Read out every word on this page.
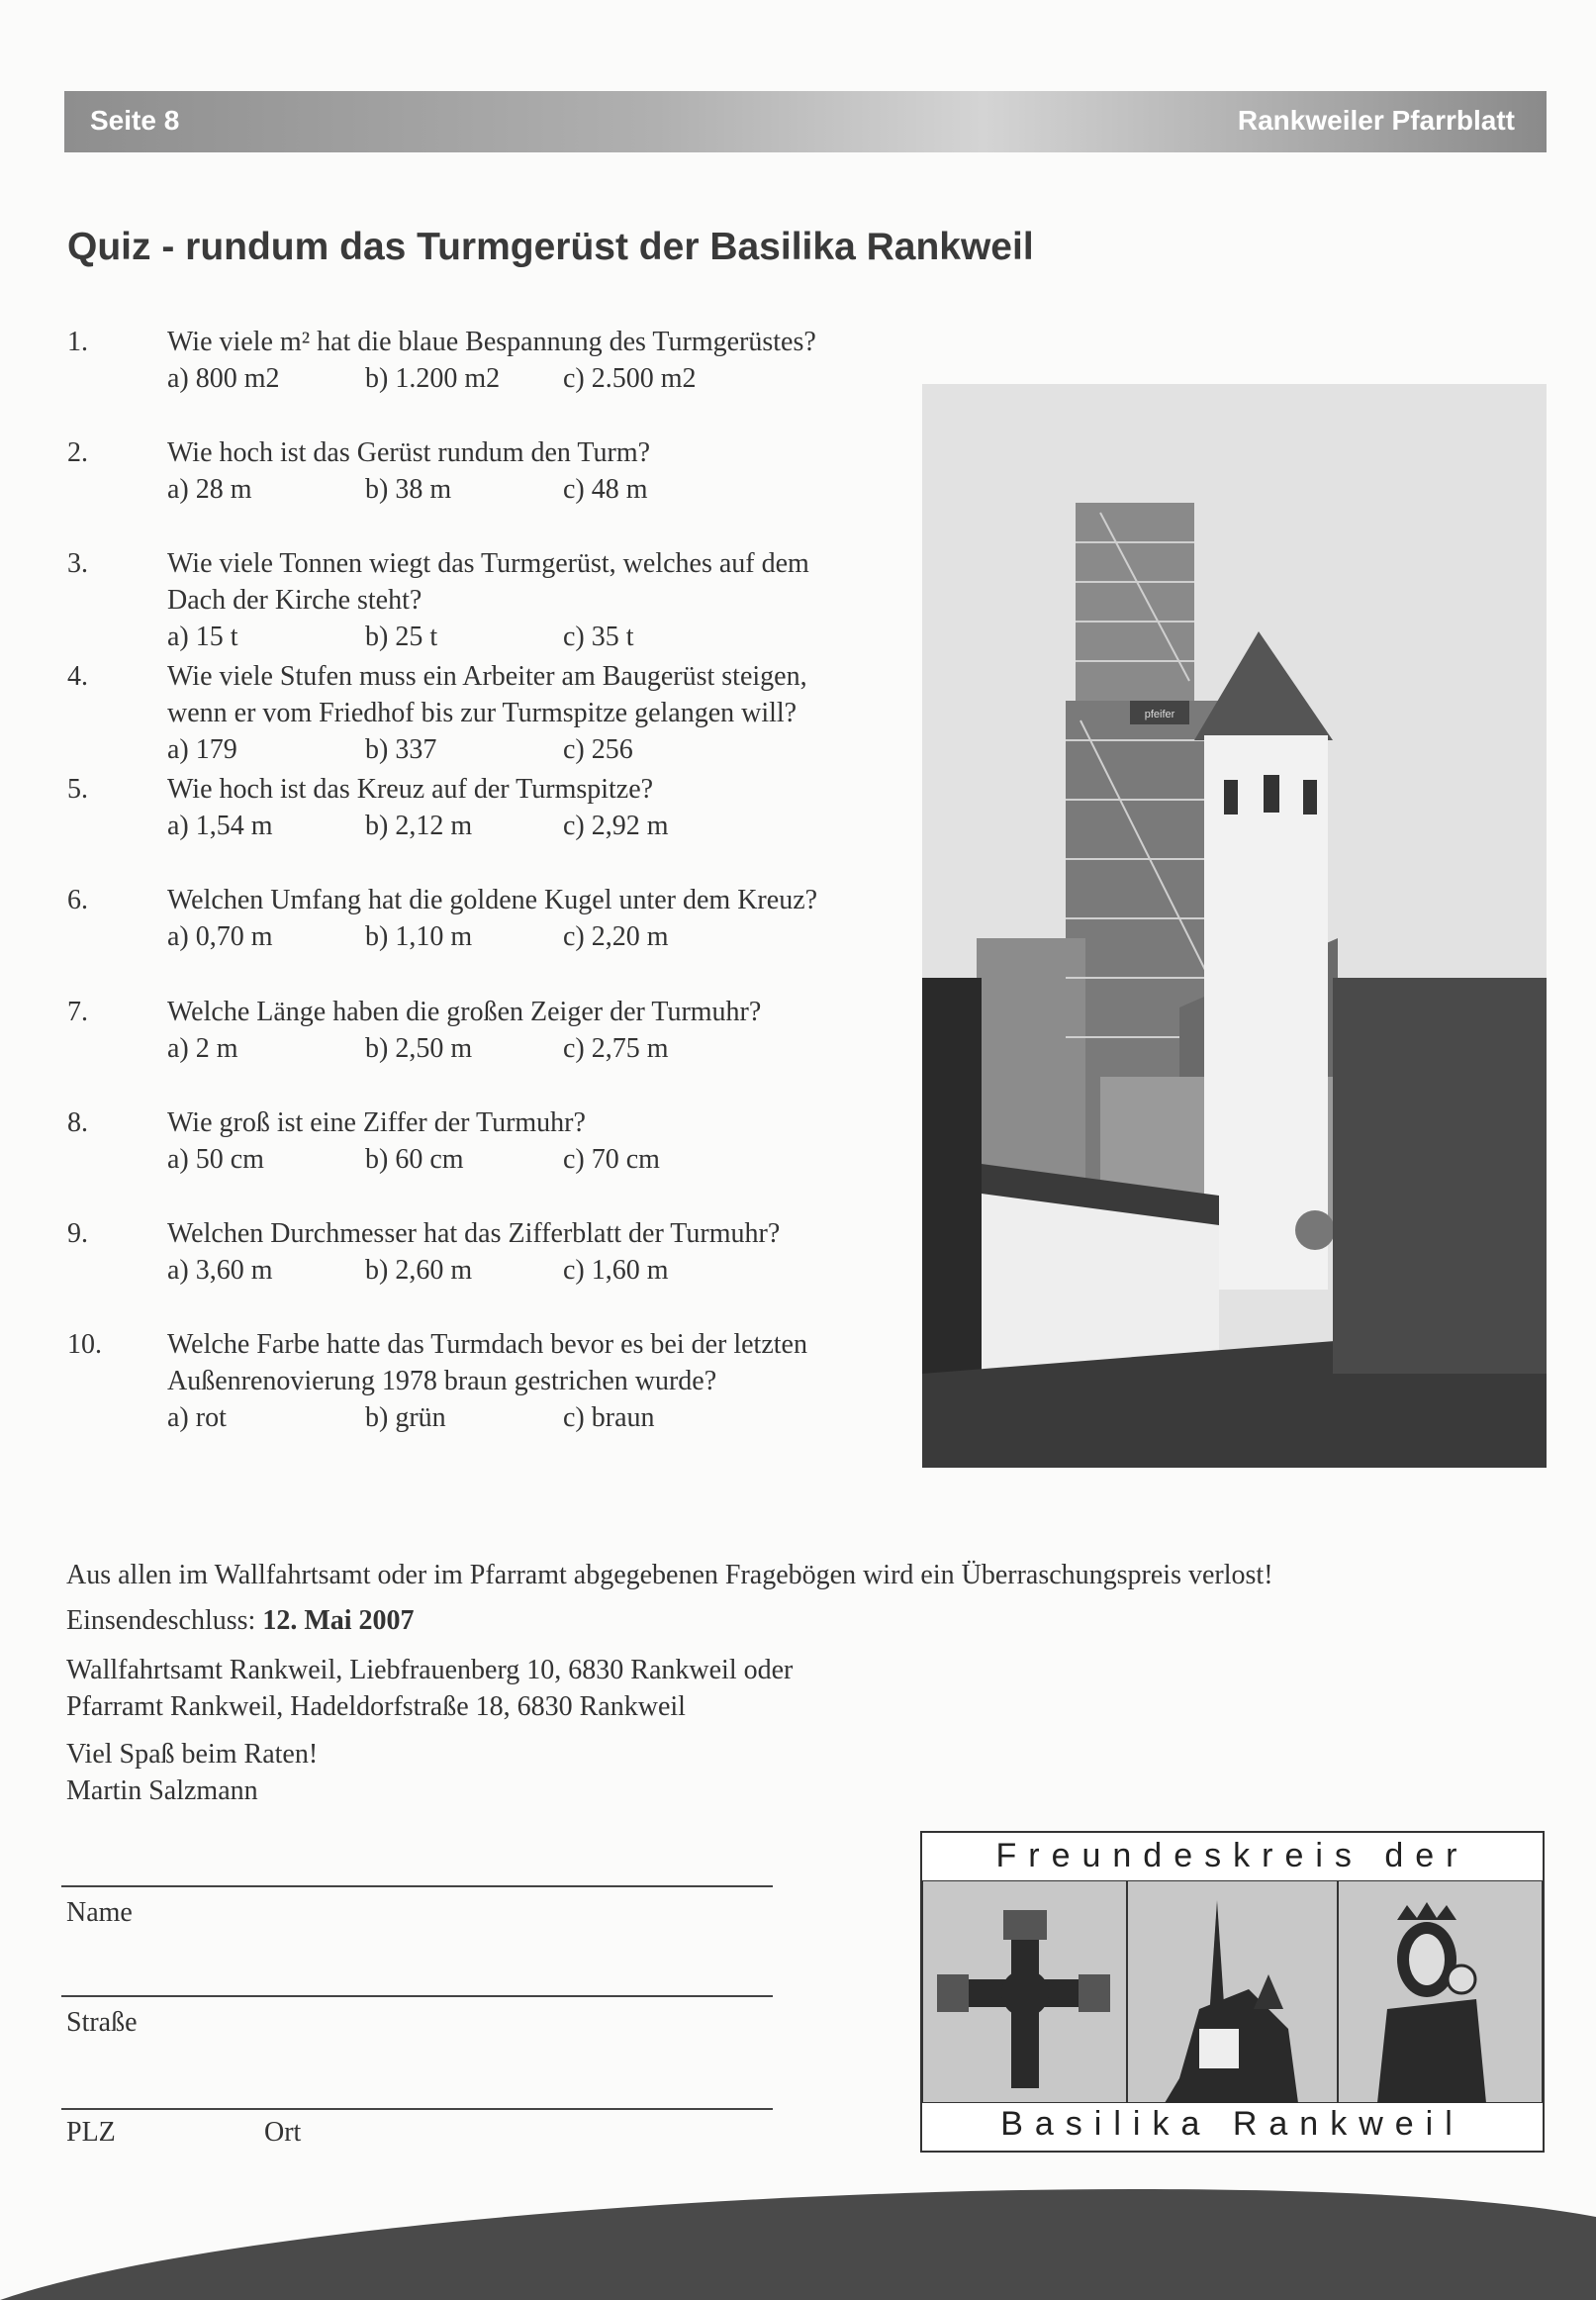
Seite 8	Rankweiler Pfarrblatt
Quiz - rundum das Turmgerüst der Basilika Rankweil
1.	Wie viele m² hat die blaue Bespannung des Turmgerüstes?
a) 800 m2	b) 1.200 m2 c) 2.500 m2
2.	Wie hoch ist das Gerüst rundum den Turm?
a) 28 m	b) 38 m	c) 48 m
3.	Wie viele Tonnen wiegt das Turmgerüst, welches auf dem
Dach der Kirche steht?
a) 15 t	b) 25 t	c) 35 t
4.	Wie viele Stufen muss ein Arbeiter am Baugerüst steigen,
wenn er vom Friedhof bis zur Turmspitze gelangen will?
a) 179	b) 337	c) 256
5.	Wie hoch ist das Kreuz auf der Turmspitze?
a) 1,54 m	b) 2,12 m	c) 2,92 m
6.	Welchen Umfang hat die goldene Kugel unter dem Kreuz?
a) 0,70 m	b) 1,10 m	c) 2,20 m
7.	Welche Länge haben die großen Zeiger der Turmuhr?
a) 2 m	b) 2,50 m	c) 2,75 m
8.	Wie groß ist eine Ziffer der Turmuhr?
a) 50 cm	b) 60 cm	c) 70 cm
9.	Welchen Durchmesser hat das Zifferblatt der Turmuhr?
a) 3,60 m	b) 2,60 m	c) 1,60 m
10. Welche Farbe hatte das Turmdach bevor es bei der letzten
Außenrenovierung 1978 braun gestrichen wurde?
a) rot	b) grün	c) braun
pfeifer
Aus allen im Wallfahrtsamt oder im Pfarramt abgegebenen Fragebögen wird ein Überraschungspreis verlost!
Einsendeschluss: 12. Mai 2007
Wallfahrtsamt Rankweil, Liebfrauenberg 10, 6830 Rankweil oder
Pfarramt Rankweil, Hadeldorfstraße 18, 6830 Rankweil
Viel Spaß beim Raten!
Martin Salzmann
Name
Straße
PLZ	Ort
Freundeskreis der
Basilika Rankweil
